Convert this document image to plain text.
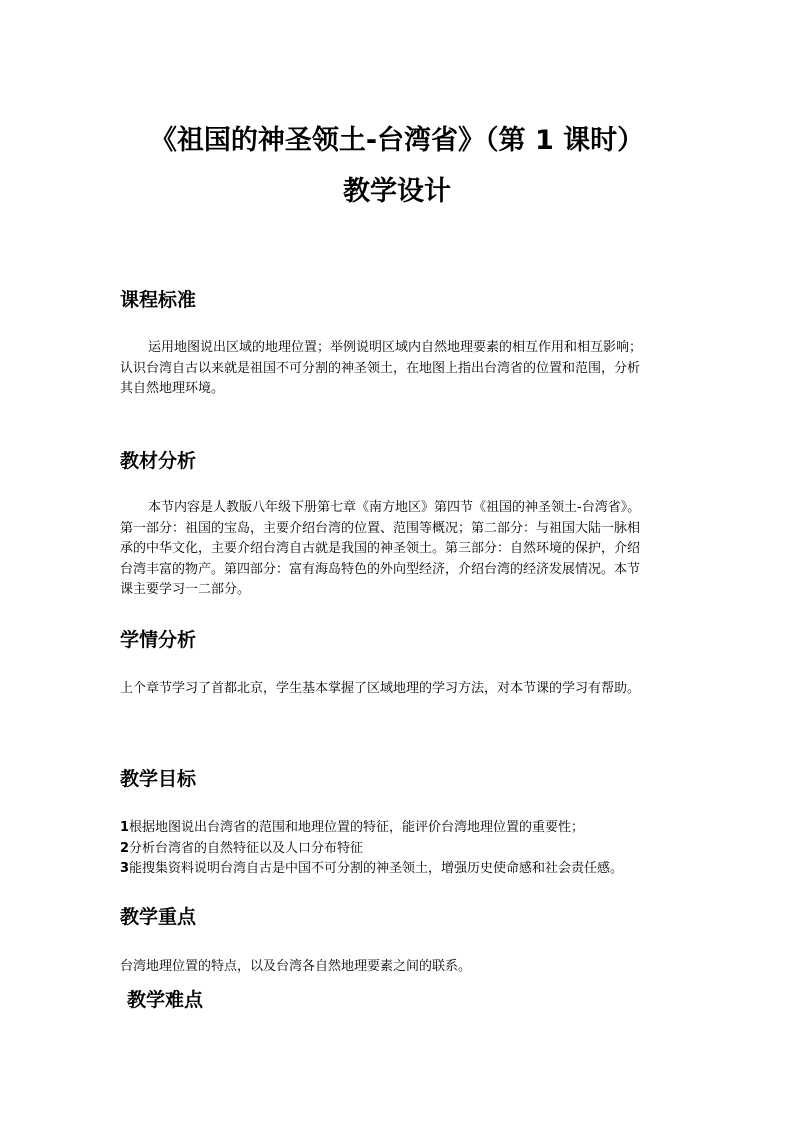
《祖国的神圣领土-台湾省》（第 1 课时）
教学设计
课程标准
运用地图说出区域的地理位置；举例说明区域内自然地理要素的相互作用和相互影响；
认识台湾自古以来就是祖国不可分割的神圣领土，在地图上指出台湾省的位置和范围，分析
其自然地理环境。
教材分析
本节内容是人教版八年级下册第七章《南方地区》第四节《祖国的神圣领土-台湾省》。
第一部分：祖国的宝岛，主要介绍台湾的位置、范围等概况；第二部分：与祖国大陆一脉相
承的中华文化，主要介绍台湾自古就是我国的神圣领土。第三部分：自然环境的保护，介绍
台湾丰富的物产。第四部分：富有海岛特色的外向型经济，介绍台湾的经济发展情况。本节
课主要学习一二部分。
学情分析
上个章节学习了首都北京，学生基本掌握了区域地理的学习方法，对本节课的学习有帮助。
教学目标
1根据地图说出台湾省的范围和地理位置的特征，能评价台湾地理位置的重要性；
2分析台湾省的自然特征以及人口分布特征
3能搜集资料说明台湾自古是中国不可分割的神圣领土，增强历史使命感和社会责任感。
教学重点
台湾地理位置的特点，以及台湾各自然地理要素之间的联系。
教学难点
